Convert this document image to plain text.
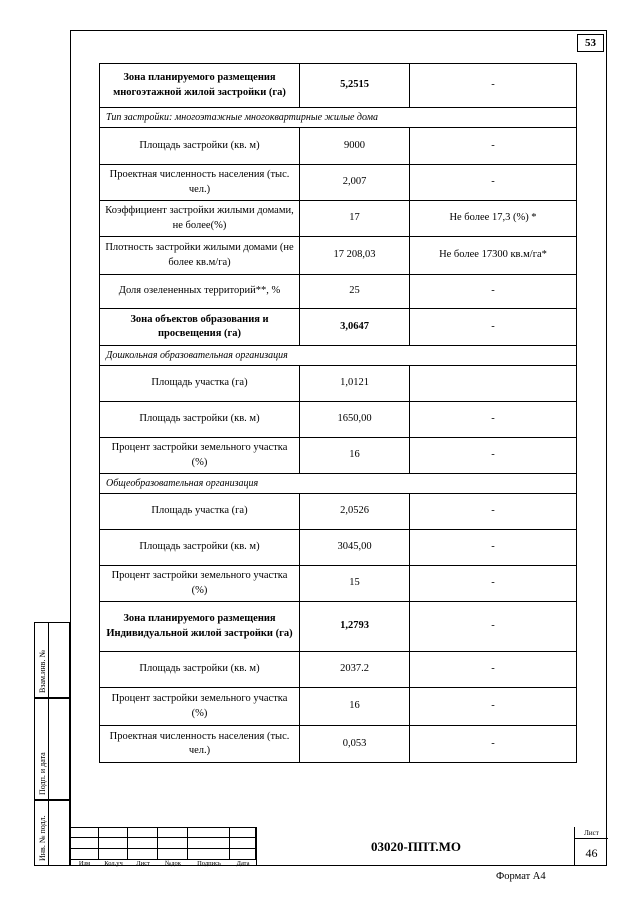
53
Зона планируемого размещения многоэтажной жилой застройки (га)	5,2515	-
Тип застройки: многоэтажные многоквартирные жилые дома		
Площадь застройки (кв. м)	9000	-
Проектная численность населения (тыс. чел.)	2,007	-
Коэффициент застройки жилыми домами, не более(%)	17	Не более 17,3 (%) *
Плотность застройки жилыми домами (не более кв.м/га)	17 208,03	Не более 17300 кв.м/га*
Доля озелененных территорий**, %	25	-
Зона объектов образования и просвещения (га)	3,0647	-
Дошкольная образовательная организация		
Площадь участка (га)	1,0121	
Площадь застройки (кв. м)	1650,00	-
Процент застройки земельного участка (%)	16	-
Общеобразовательная организация		
Площадь участка (га)	2,0526	-
Площадь застройки (кв. м)	3045,00	-
Процент застройки земельного участка (%)	15	-
Зона планируемого размещения Индивидуальной жилой застройки (га)	1,2793	-
Площадь застройки (кв. м)	2037.2	-
Процент застройки земельного участка (%)	16	-
Проектная численность населения (тыс. чел.)	0,053	-
Взам.инв. №
Подп. и дата
Инв. № подл.
Изм	Кол.уч	Лист	№док	Подпись	Дата
03020-ППТ.МО
Лист
46
Формат А4
